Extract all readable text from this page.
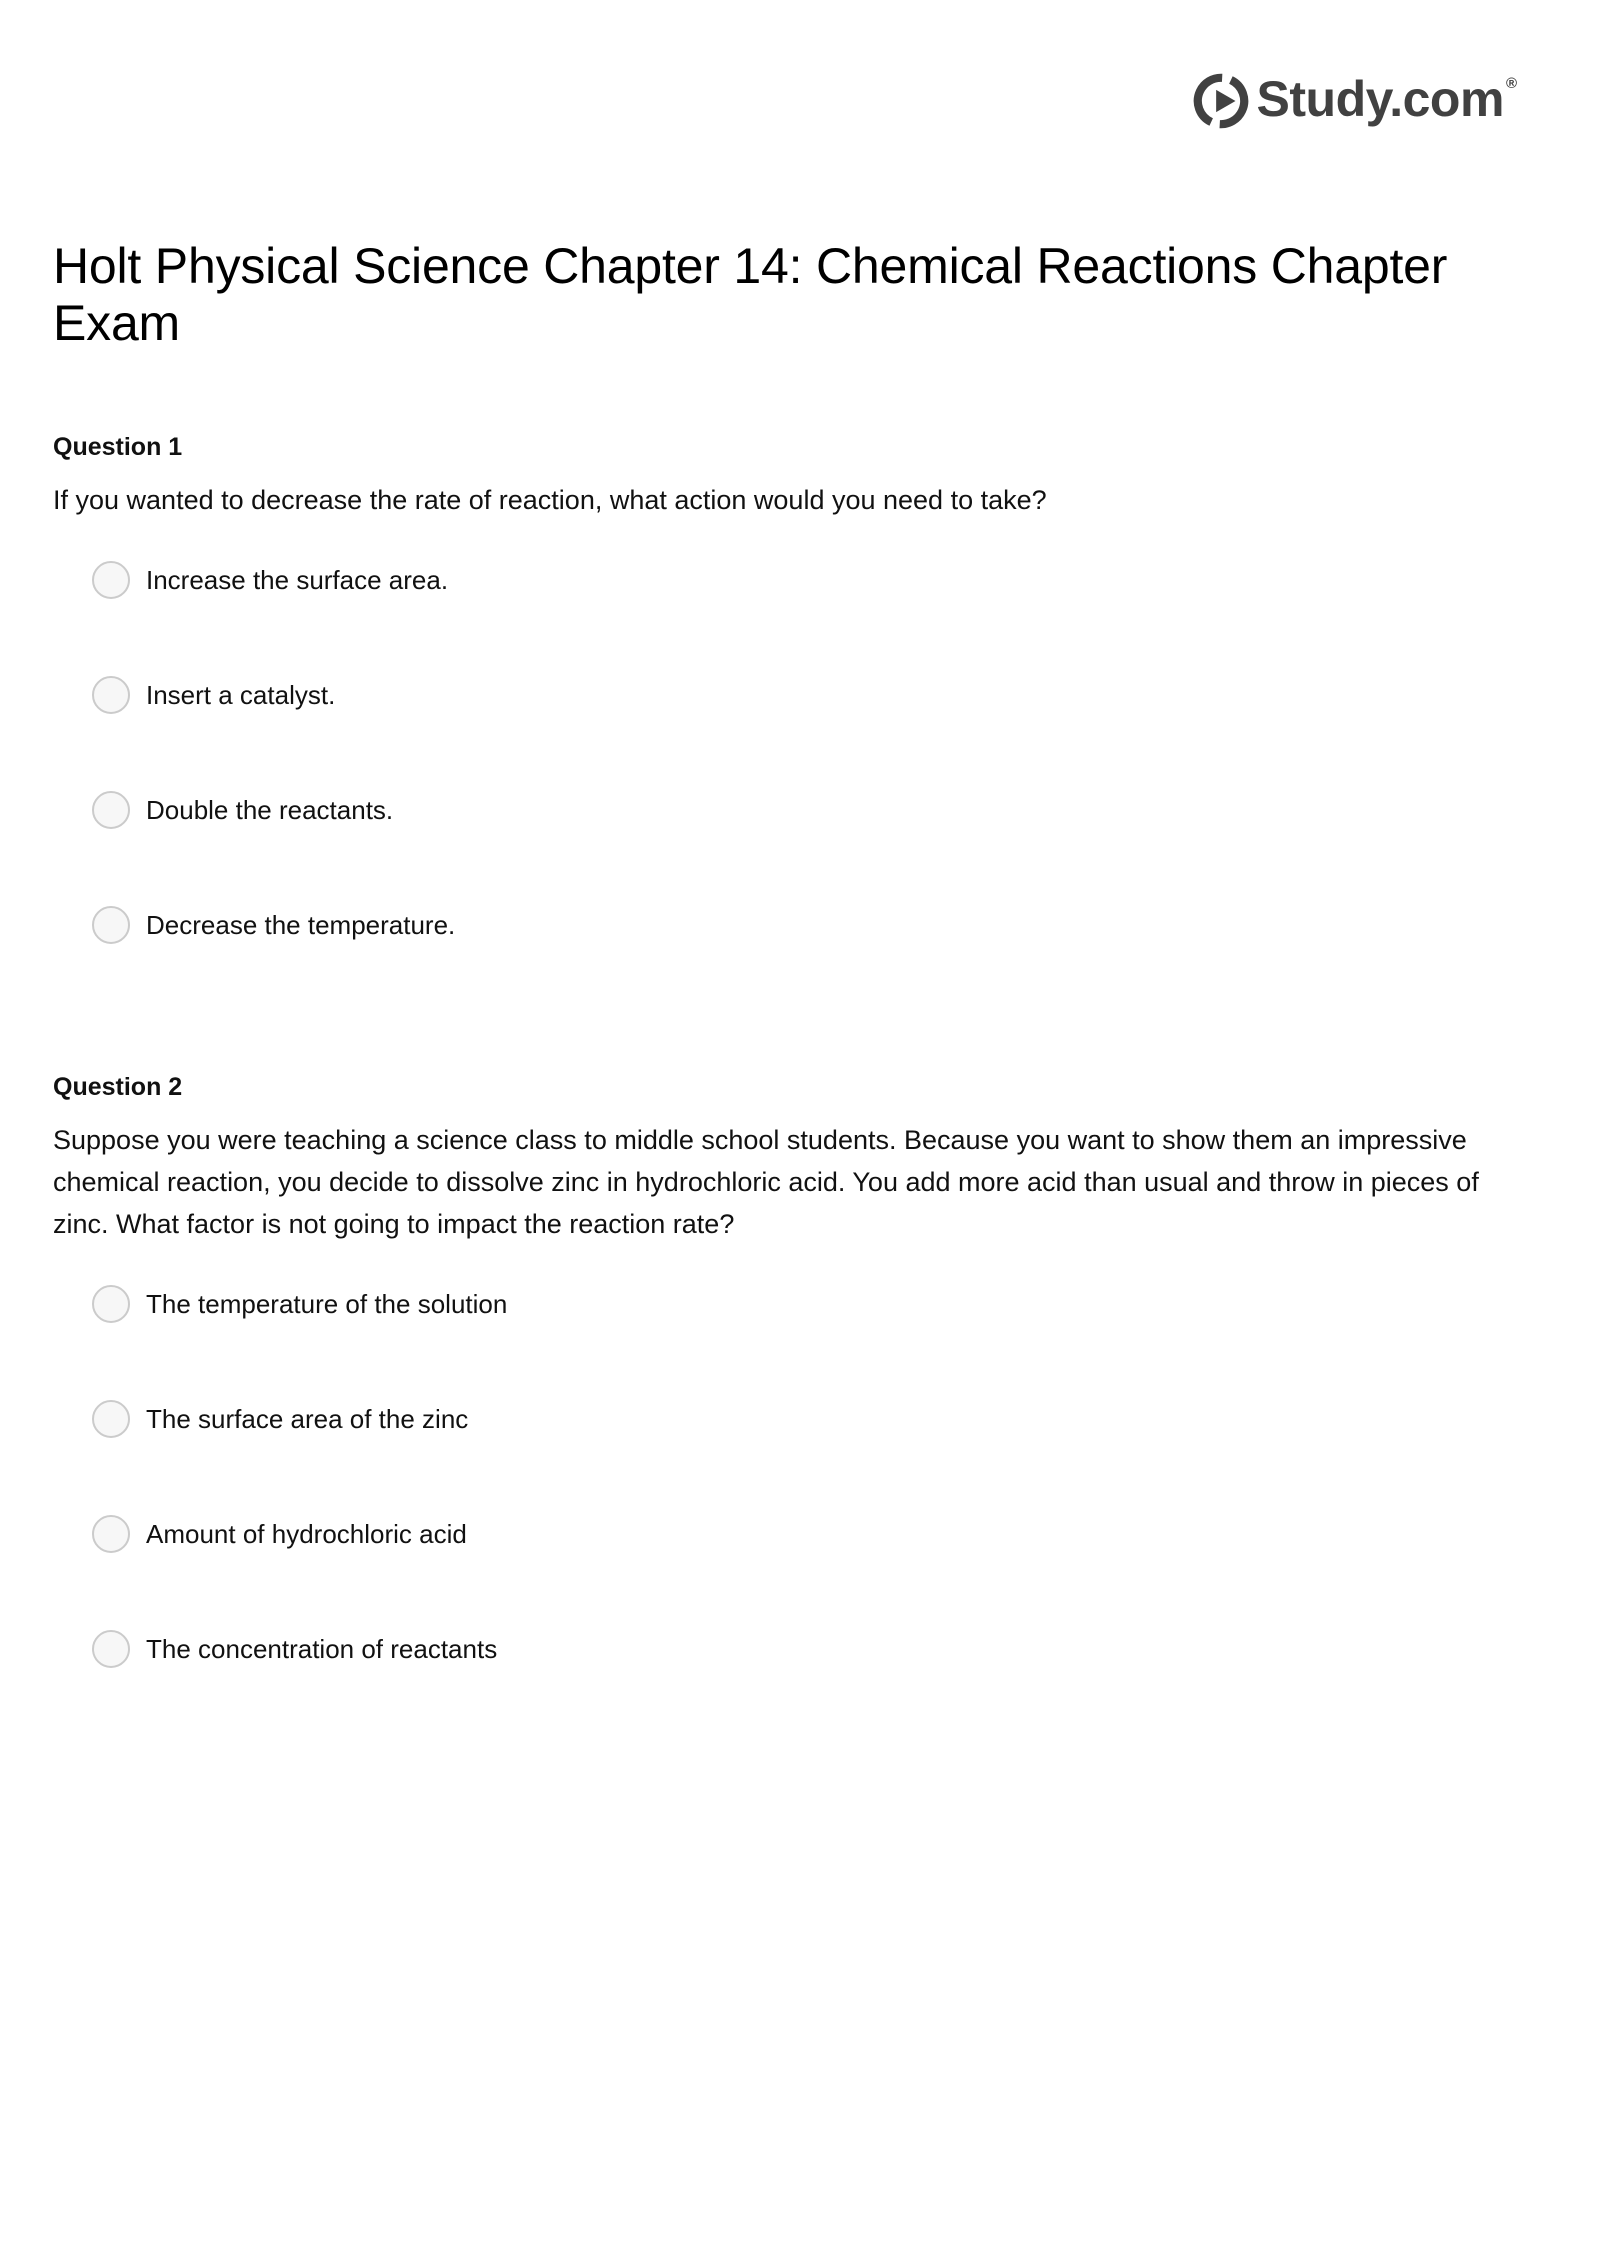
Study.com ®
Holt Physical Science Chapter 14: Chemical Reactions Chapter Exam
Question 1

If you wanted to decrease the rate of reaction, what action would you need to take?

Increase the surface area.
Insert a catalyst.
Double the reactants.
Decrease the temperature.
Question 2

Suppose you were teaching a science class to middle school students. Because you want to show them an impressive chemical reaction, you decide to dissolve zinc in hydrochloric acid. You add more acid than usual and throw in pieces of zinc. What factor is not going to impact the reaction rate?

The temperature of the solution
The surface area of the zinc
Amount of hydrochloric acid
The concentration of reactants
